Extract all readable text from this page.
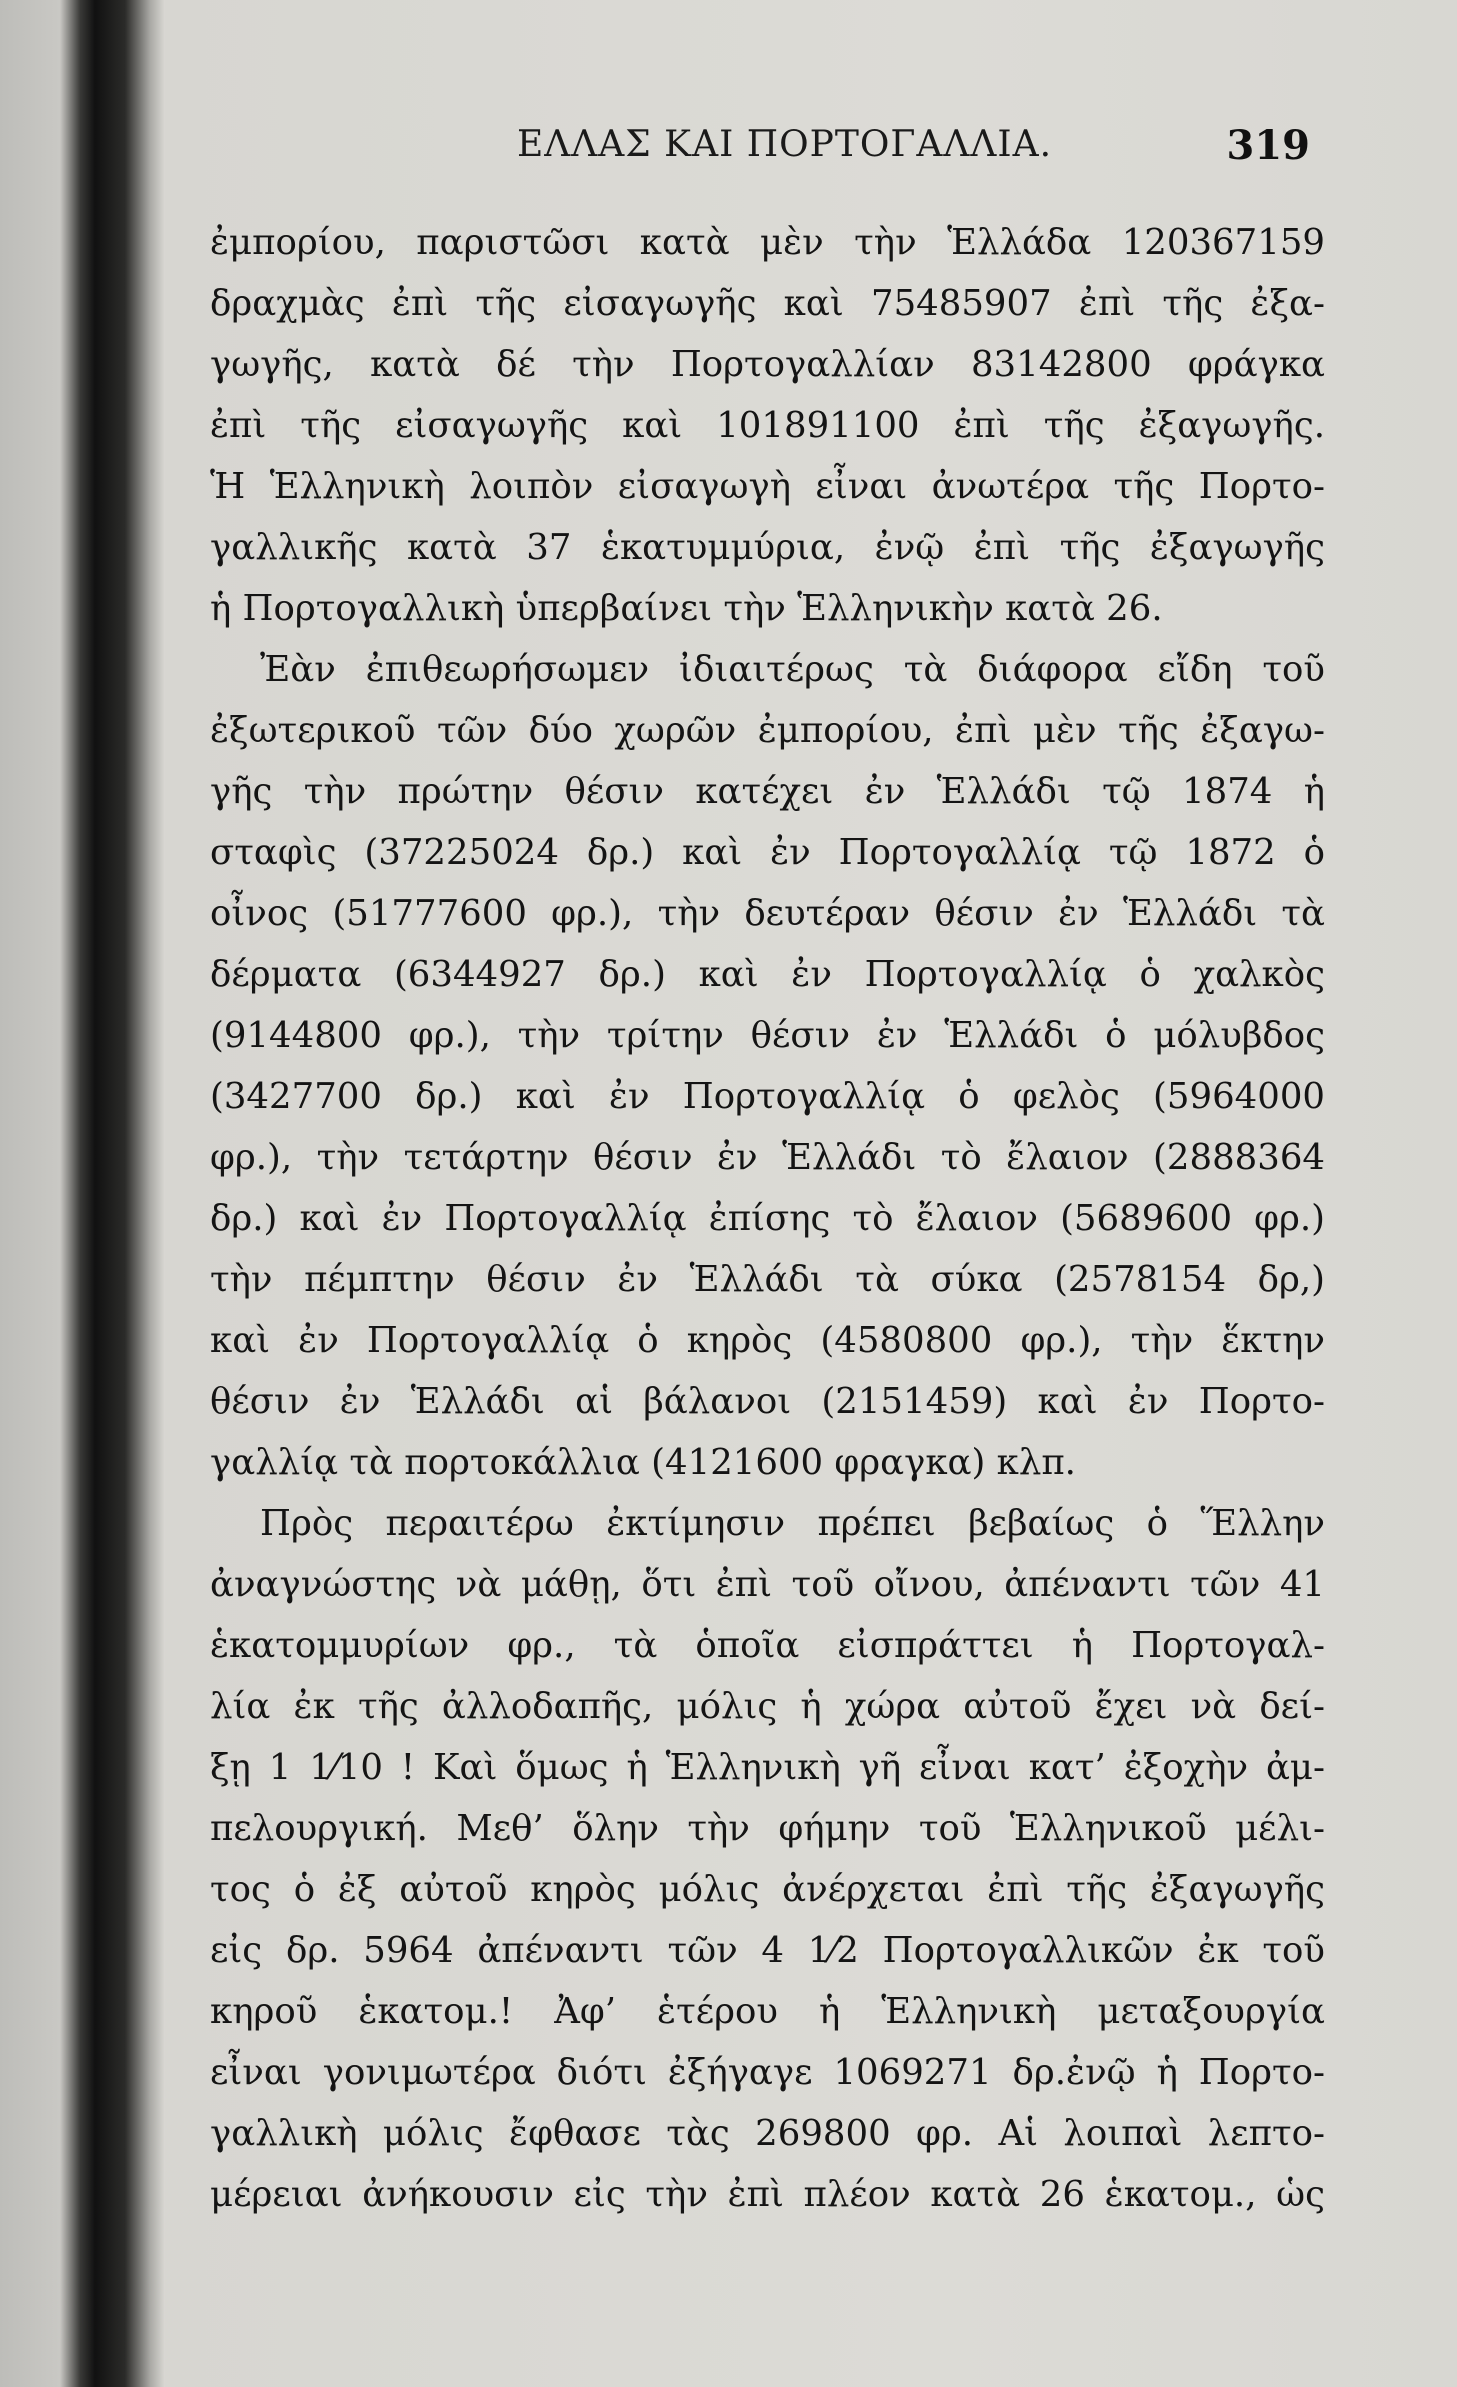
ΕΛΛΑΣ ΚΑΙ ΠΟΡΤΟΓΑΛΛΙΑ.	319
ἐμπορίου, παριστῶσι κατὰ μὲν τὴν Ἑλλάδα 120367159
δραχμὰς ἐπὶ τῆς εἰσαγωγῆς καὶ 75485907 ἐπὶ τῆς ἐξα-
γωγῆς, κατὰ δέ τὴν Πορτογαλλίαν 83142800 φράγκα
ἐπὶ τῆς εἰσαγωγῆς καὶ 101891100 ἐπὶ τῆς ἐξαγωγῆς.
Ἡ Ἑλληνικὴ λοιπὸν εἰσαγωγὴ εἶναι ἀνωτέρα τῆς Πορτο-
γαλλικῆς κατὰ 37 ἑκατυμμύρια, ἐνῷ ἐπὶ τῆς ἐξαγωγῆς
ἡ Πορτογαλλικὴ ὑπερβαίνει τὴν Ἑλληνικὴν κατὰ 26.
Ἐὰν ἐπιθεωρήσωμεν ἰδιαιτέρως τὰ διάφορα εἴδη τοῦ
ἐξωτερικοῦ τῶν δύο χωρῶν ἐμπορίου, ἐπὶ μὲν τῆς ἐξαγω-
γῆς τὴν πρώτην θέσιν κατέχει ἐν Ἑλλάδι τῷ 1874 ἡ
σταφὶς (37225024 δρ.) καὶ ἐν Πορτογαλλίᾳ τῷ 1872 ὁ
οἶνος (51777600 φρ.), τὴν δευτέραν θέσιν ἐν Ἑλλάδι τὰ
δέρματα (6344927 δρ.) καὶ ἐν Πορτογαλλίᾳ ὁ χαλκὸς
(9144800 φρ.), τὴν τρίτην θέσιν ἐν Ἑλλάδι ὁ μόλυβδος
(3427700 δρ.) καὶ ἐν Πορτογαλλίᾳ ὁ φελὸς (5964000
φρ.), τὴν τετάρτην θέσιν ἐν Ἑλλάδι τὸ ἔλαιον (2888364
δρ.) καὶ ἐν Πορτογαλλίᾳ ἐπίσης τὸ ἔλαιον (5689600 φρ.)
τὴν πέμπτην θέσιν ἐν Ἑλλάδι τὰ σύκα (2578154 δρ,)
καὶ ἐν Πορτογαλλίᾳ ὁ κηρὸς (4580800 φρ.), τὴν ἕκτην
θέσιν ἐν Ἑλλάδι αἱ βάλανοι (2151459) καὶ ἐν Πορτο-
γαλλίᾳ τὰ πορτοκάλλια (4121600 φραγκα) κλπ.
Πρὸς περαιτέρω ἐκτίμησιν πρέπει βεβαίως ὁ Ἕλλην
ἀναγνώστης νὰ μάθῃ, ὅτι ἐπὶ τοῦ οἴνου, ἀπέναντι τῶν 41
ἑκατομμυρίων φρ., τὰ ὁποῖα εἰσπράττει ἡ Πορτογαλ-
λία ἐκ τῆς ἀλλοδαπῆς, μόλις ἡ χώρα αὐτοῦ ἔχει νὰ δεί-
ξῃ 1 1⁄10 ! Καὶ ὅμως ἡ Ἑλληνικὴ γῆ εἶναι κατ’ ἐξοχὴν ἀμ-
πελουργική. Μεθ’ ὅλην τὴν φήμην τοῦ Ἑλληνικοῦ μέλι-
τος ὁ ἐξ αὐτοῦ κηρὸς μόλις ἀνέρχεται ἐπὶ τῆς ἐξαγωγῆς
εἰς δρ. 5964 ἀπέναντι τῶν 4 1⁄2 Πορτογαλλικῶν ἐκ τοῦ
κηροῦ ἑκατομ.! Ἀφ’ ἑτέρου ἡ Ἑλληνικὴ μεταξουργία
εἶναι γονιμωτέρα διότι ἐξήγαγε 1069271 δρ.ἐνῷ ἡ Πορτο-
γαλλικὴ μόλις ἔφθασε τὰς 269800 φρ. Αἱ λοιπαὶ λεπτο-
μέρειαι ἀνήκουσιν εἰς τὴν ἐπὶ πλέον κατὰ 26 ἑκατομ., ὡς
